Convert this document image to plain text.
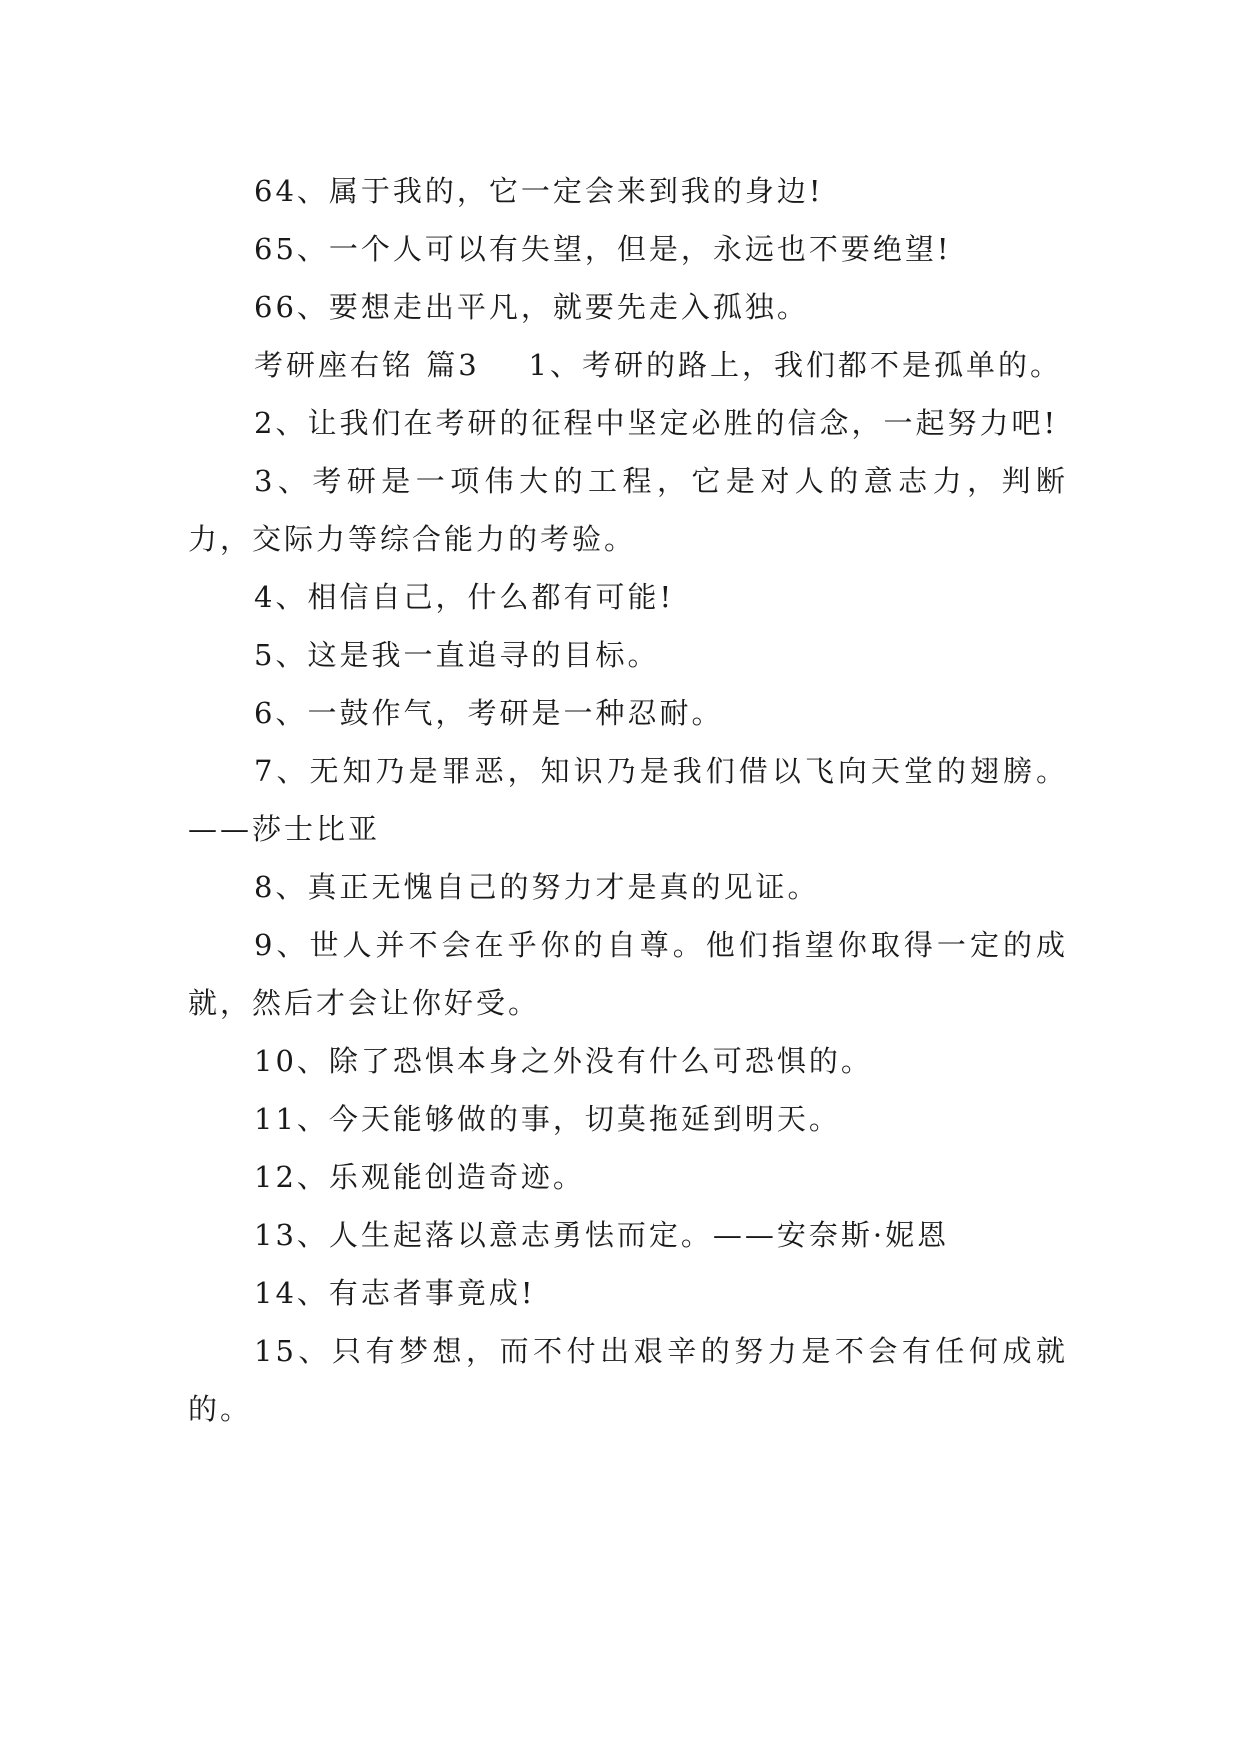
64、属于我的，它一定会来到我的身边!

65、一个人可以有失望，但是，永远也不要绝望!

66、要想走出平凡，就要先走入孤独。

考研座右铭 篇3    1、考研的路上，我们都不是孤单的。

2、让我们在考研的征程中坚定必胜的信念，一起努力吧!

3、考研是一项伟大的工程，它是对人的意志力，判断力，交际力等综合能力的考验。

4、相信自己，什么都有可能!

5、这是我一直追寻的目标。

6、一鼓作气，考研是一种忍耐。

7、无知乃是罪恶，知识乃是我们借以飞向天堂的翅膀。——莎士比亚

8、真正无愧自己的努力才是真的见证。

9、世人并不会在乎你的自尊。他们指望你取得一定的成就，然后才会让你好受。

10、除了恐惧本身之外没有什么可恐惧的。

11、今天能够做的事，切莫拖延到明天。

12、乐观能创造奇迹。

13、人生起落以意志勇怯而定。——安奈斯·妮恩

14、有志者事竟成!

15、只有梦想，而不付出艰辛的努力是不会有任何成就的。
